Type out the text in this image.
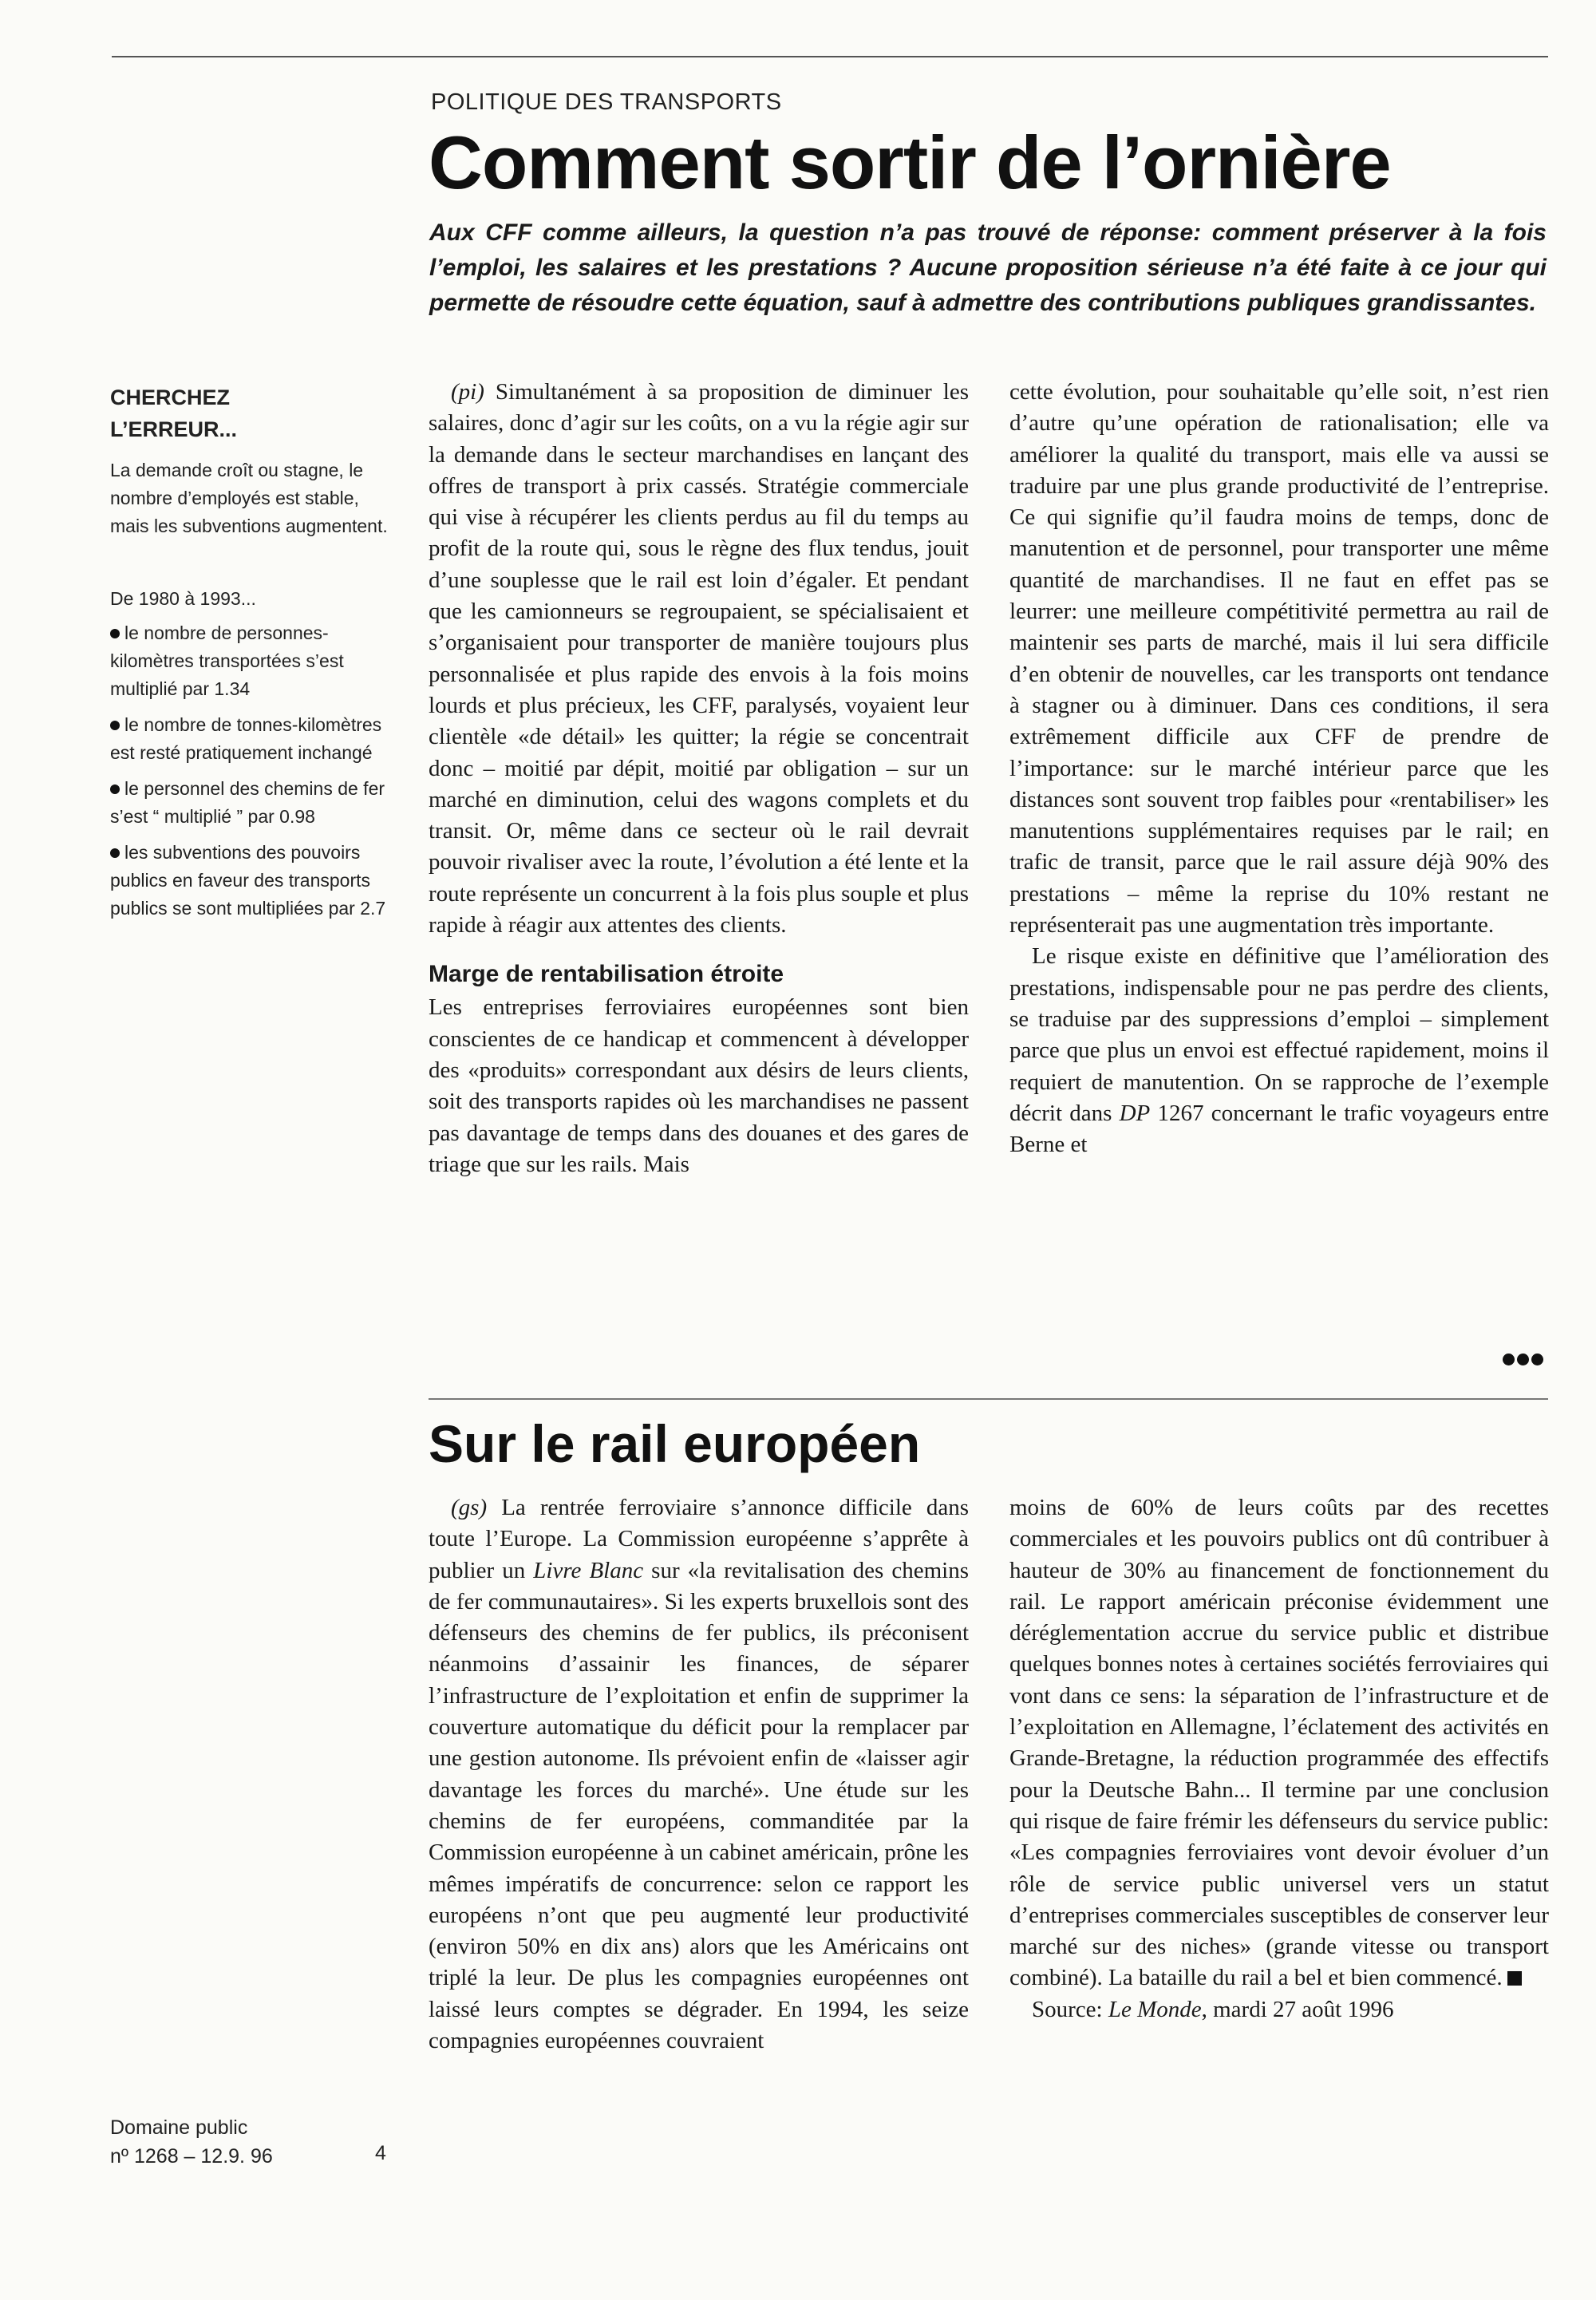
POLITIQUE DES TRANSPORTS
Comment sortir de l’ornière

Aux CFF comme ailleurs, la question n’a pas trouvé de réponse: comment préserver à la fois l’emploi, les salaires et les prestations ? Aucune proposition sérieuse n’a été faite à ce jour qui permette de résoudre cette équation, sauf à admettre des contributions publiques grandissantes.

CHERCHEZ
L’ERREUR...

La demande croît ou stagne, le nombre d’employés est stable, mais les subventions augmentent.

De 1980 à 1993...

le nombre de personnes-kilomètres transportées s’est multiplié par 1.34

le nombre de tonnes-kilomètres est resté pratiquement inchangé

le personnel des chemins de fer s’est “ multiplié ” par 0.98

les subventions des pouvoirs publics en faveur des transports publics se sont multipliées par 2.7

(pi) Simultanément à sa proposition de diminuer les salaires, donc d’agir sur les coûts, on a vu la régie agir sur la demande dans le secteur marchandises en lançant des offres de transport à prix cassés. Stratégie commerciale qui vise à récupérer les clients perdus au fil du temps au profit de la route qui, sous le règne des flux tendus, jouit d’une souplesse que le rail est loin d’égaler. Et pendant que les camionneurs se regroupaient, se spécialisaient et s’organisaient pour transporter de manière toujours plus personnalisée et plus rapide des envois à la fois moins lourds et plus précieux, les CFF, paralysés, voyaient leur clientèle «de détail» les quitter; la régie se concentrait donc – moitié par dépit, moitié par obligation – sur un marché en diminution, celui des wagons complets et du transit. Or, même dans ce secteur où le rail devrait pouvoir rivaliser avec la route, l’évolution a été lente et la route représente un concurrent à la fois plus souple et plus rapide à réagir aux attentes des clients.

Marge de rentabilisation étroite

Les entreprises ferroviaires européennes sont bien conscientes de ce handicap et commencent à développer des «produits» correspondant aux désirs de leurs clients, soit des transports rapides où les marchandises ne passent pas davantage de temps dans des douanes et des gares de triage que sur les rails. Mais

cette évolution, pour souhaitable qu’elle soit, n’est rien d’autre qu’une opération de rationalisation; elle va améliorer la qualité du transport, mais elle va aussi se traduire par une plus grande productivité de l’entreprise. Ce qui signifie qu’il faudra moins de temps, donc de manutention et de personnel, pour transporter une même quantité de marchandises. Il ne faut en effet pas se leurrer: une meilleure compétitivité permettra au rail de maintenir ses parts de marché, mais il lui sera difficile d’en obtenir de nouvelles, car les transports ont tendance à stagner ou à diminuer. Dans ces conditions, il sera extrêmement difficile aux CFF de prendre de l’importance: sur le marché intérieur parce que les distances sont souvent trop faibles pour «rentabiliser» les manutentions supplémentaires requises par le rail; en trafic de transit, parce que le rail assure déjà 90% des prestations – même la reprise du 10% restant ne représenterait pas une augmentation très importante.

Le risque existe en définitive que l’amélioration des prestations, indispensable pour ne pas perdre des clients, se traduise par des suppressions d’emploi – simplement parce que plus un envoi est effectué rapidement, moins il requiert de manutention. On se rapproche de l’exemple décrit dans DP 1267 concernant le trafic voyageurs entre Berne et

Sur le rail européen

(gs) La rentrée ferroviaire s’annonce difficile dans toute l’Europe. La Commission européenne s’apprête à publier un Livre Blanc sur «la revitalisation des chemins de fer communautaires». Si les experts bruxellois sont des défenseurs des chemins de fer publics, ils préconisent néanmoins d’assainir les finances, de séparer l’infrastructure de l’exploitation et enfin de supprimer la couverture automatique du déficit pour la remplacer par une gestion autonome. Ils prévoient enfin de «laisser agir davantage les forces du marché». Une étude sur les chemins de fer européens, commanditée par la Commission européenne à un cabinet américain, prône les mêmes impératifs de concurrence: selon ce rapport les européens n’ont que peu augmenté leur productivité (environ 50% en dix ans) alors que les Américains ont triplé la leur. De plus les compagnies européennes ont laissé leurs comptes se dégrader. En 1994, les seize compagnies européennes couvraient

moins de 60% de leurs coûts par des recettes commerciales et les pouvoirs publics ont dû contribuer à hauteur de 30% au financement de fonctionnement du rail. Le rapport américain préconise évidemment une déréglementation accrue du service public et distribue quelques bonnes notes à certaines sociétés ferroviaires qui vont dans ce sens: la séparation de l’infrastructure et de l’exploitation en Allemagne, l’éclatement des activités en Grande-Bretagne, la réduction programmée des effectifs pour la Deutsche Bahn... Il termine par une conclusion qui risque de faire frémir les défenseurs du service public: «Les compagnies ferroviaires vont devoir évoluer d’un rôle de service public universel vers un statut d’entreprises commerciales susceptibles de conserver leur marché sur des niches» (grande vitesse ou transport combiné). La bataille du rail a bel et bien commencé.

Source: Le Monde, mardi 27 août 1996

Domaine public
nº 1268 – 12.9. 96	4
